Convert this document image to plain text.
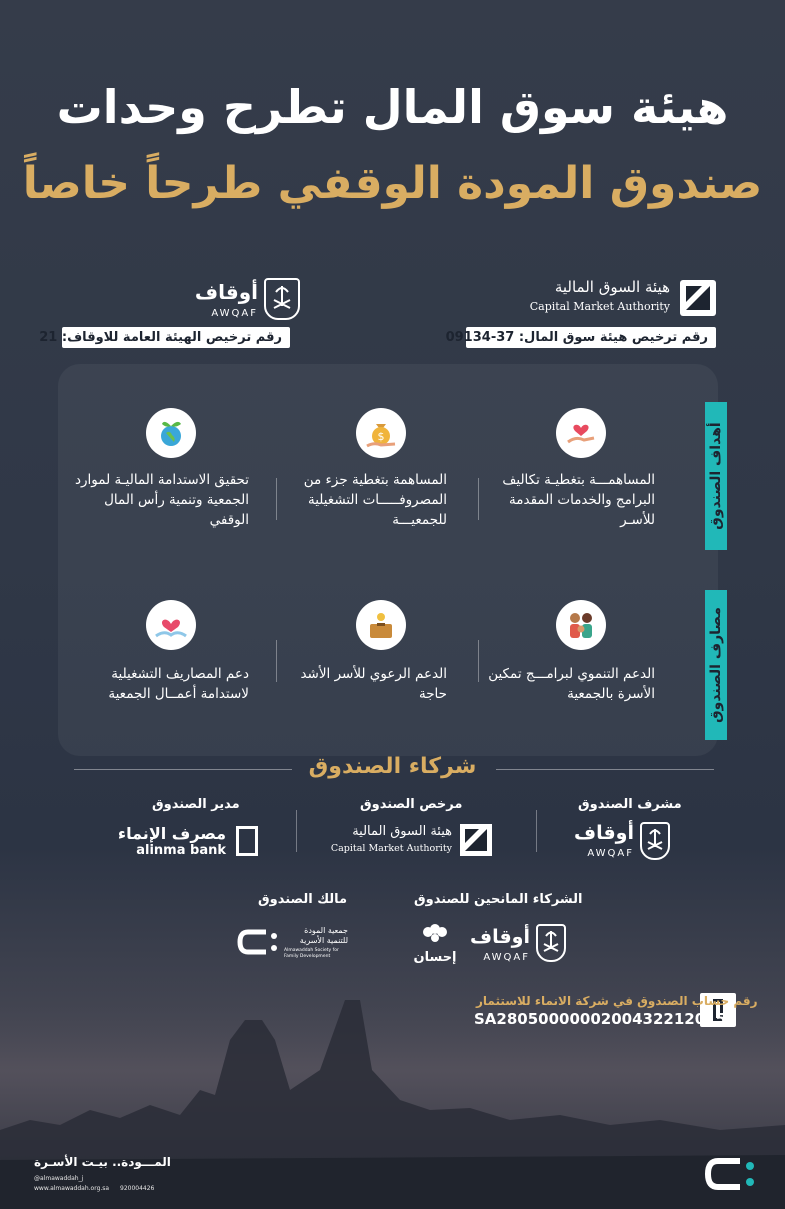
هيئة سوق المال تطرح وحدات
صندوق المودة الوقفي طرحاً خاصاً
هيئة السوق المالية
Capital Market Authority
أوقاف
AWQAF
رقم ترخيص هيئة سوق المال: 37-09134
رقم ترخيص الهيئة العامة للاوقاف: 21
أهداف الصندوق
مصارف الصندوق
المساهمـــة بتغطيـة تكاليف البرامج والخدمات المقدمة للأسـر
$
المساهمة بتغطية جزء من المصروفـــــات التشغيلية للجمعيـــة
تحقيق الاستدامة الماليـة لموارد الجمعية وتنمية رأس المال الوقفي
الدعم التنموي لبرامـــج تمكين الأسرة بالجمعية
الدعم الرعوي للأسر الأشد حاجة
دعم المصاريف التشغيلية لاستدامة أعمــال الجمعية
شركاء الصندوق
مشرف الصندوق
أوقاف
AWQAF
مرخص الصندوق
هيئة السوق المالية
Capital Market Authority
مدير الصندوق
مصرف الإنماء
alinma bank
الشركاء المانحين للصندوق
أوقاف
AWQAF
إحسان
مالك الصندوق
جمعية المودة للتنمية الأسرية
Almawaddah Society for Family Development
رقم حساب الصندوق في شركة الانماء للاستثمار
SA2805000000200432212015
المـــودة.. بيـت الأسـرة
@almawaddah_j
www.almawaddah.org.sa 920004426
